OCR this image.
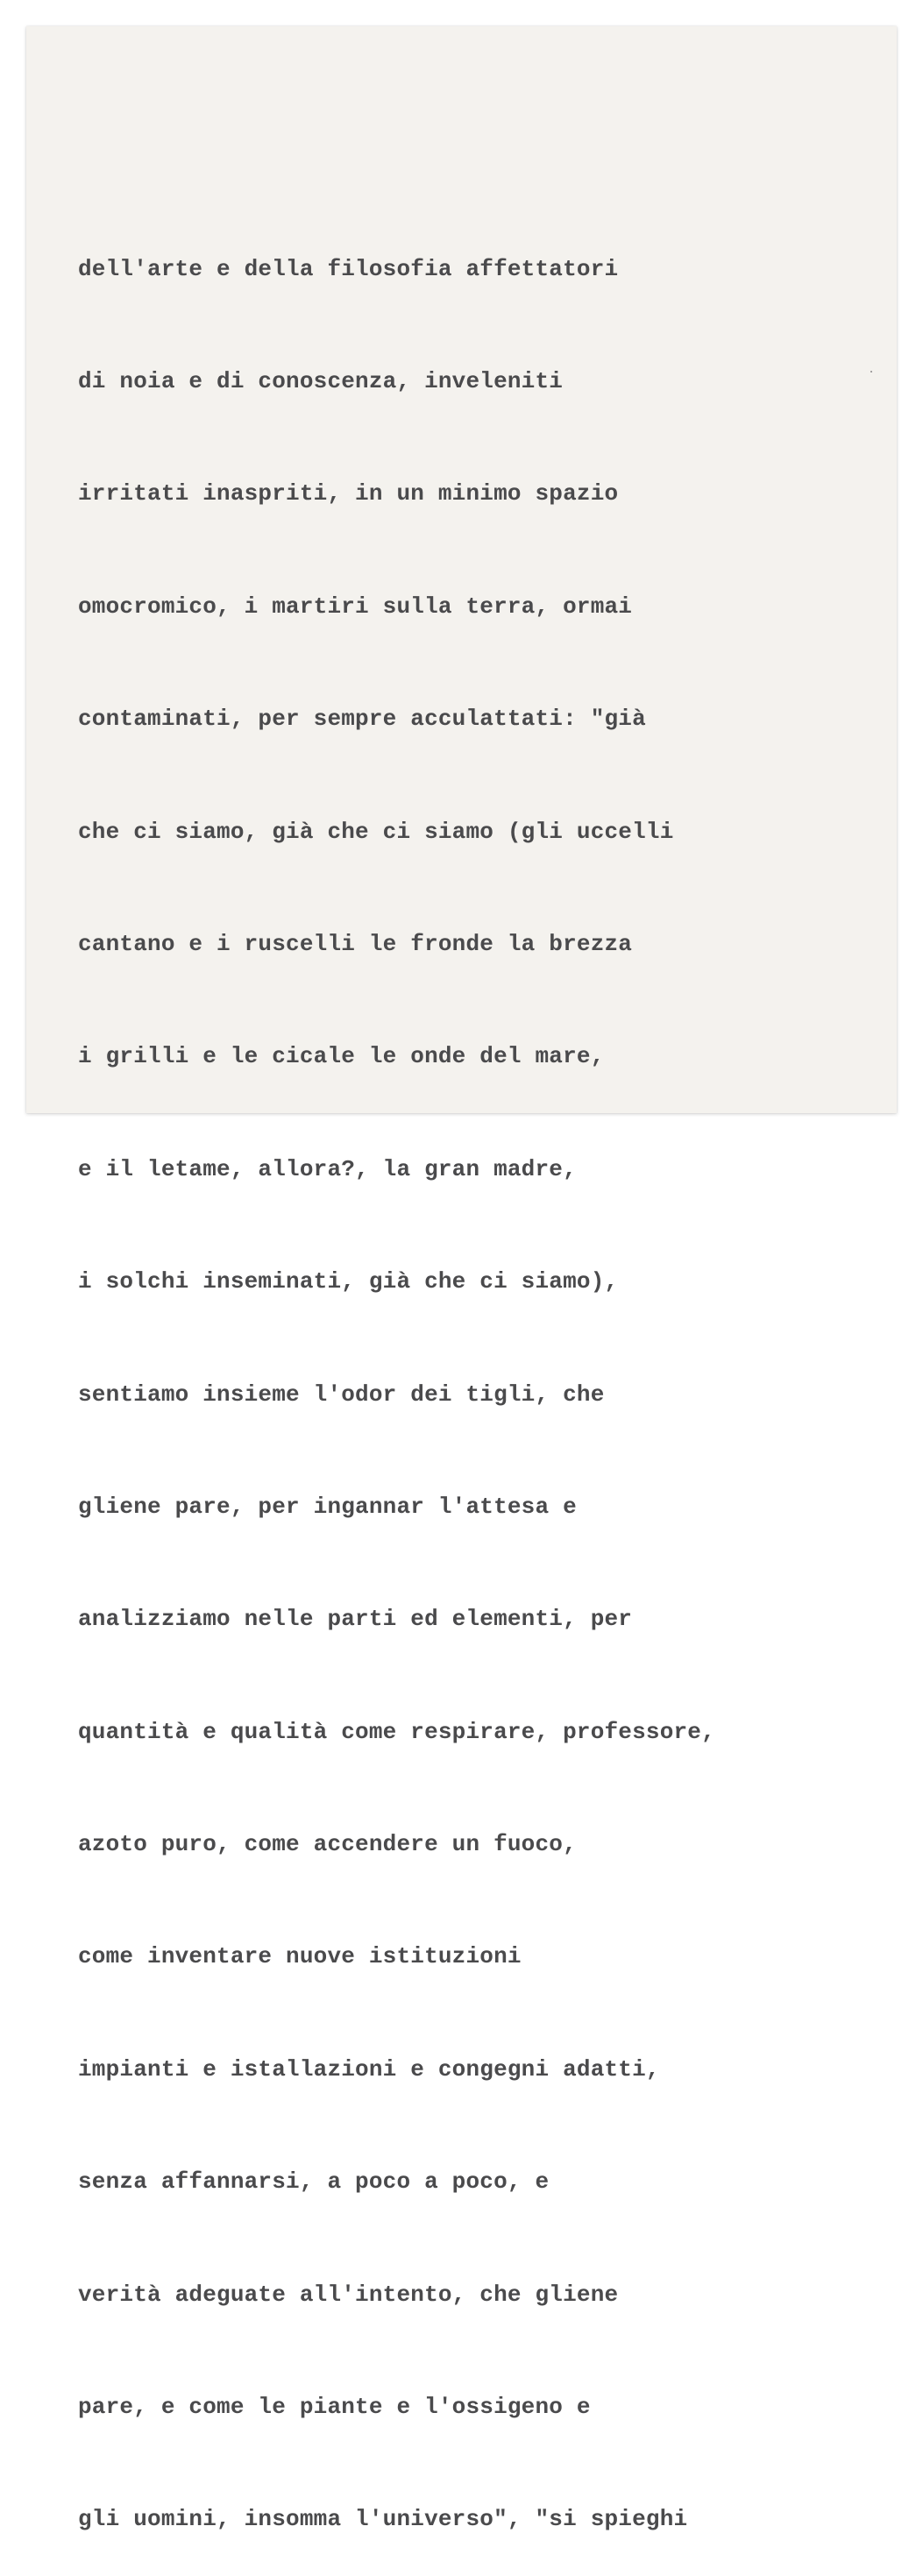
dell'arte e della filosofia affettatori

di noia e di conoscenza, inveleniti

irritati inaspriti, in un minimo spazio

omocromico, i martiri sulla terra, ormai

contaminati, per sempre acculattati: "già

che ci siamo, già che ci siamo (gli uccelli

cantano e i ruscelli le fronde la brezza

i grilli e le cicale le onde del mare,

e il letame, allora?, la gran madre,

i solchi inseminati, già che ci siamo),

sentiamo insieme l'odor dei tigli, che

gliene pare, per ingannar l'attesa e

analizziamo nelle parti ed elementi, per

quantità e qualità come respirare, professore,

azoto puro, come accendere un fuoco,

come inventare nuove istituzioni

impianti e istallazioni e congegni adatti,

senza affannarsi, a poco a poco, e

verità adeguate all'intento, che gliene

pare, e come le piante e l'ossigeno e

gli uomini, insomma l'universo", "si spieghi
